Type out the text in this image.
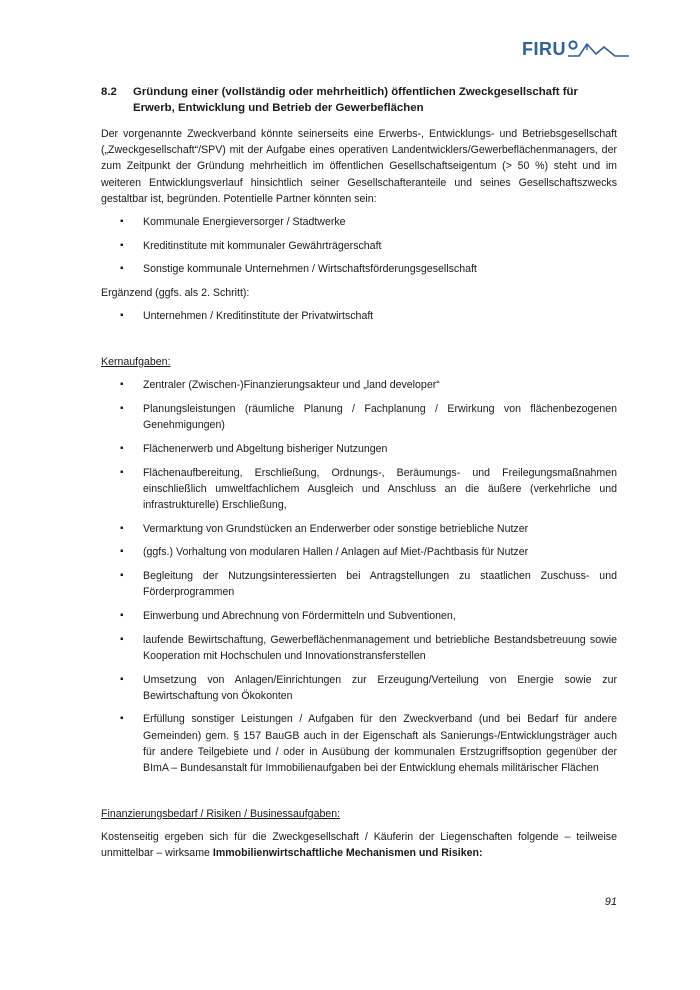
FIRU
8.2	Gründung einer (vollständig oder mehrheitlich) öffentlichen Zweckgesellschaft für Erwerb, Entwicklung und Betrieb der Gewerbeflächen

Der vorgenannte Zweckverband könnte seinerseits eine Erwerbs-, Entwicklungs- und Betriebsgesellschaft („Zweckgesellschaft“/SPV) mit der Aufgabe eines operativen Landentwicklers/Gewerbeflächenmanagers, der zum Zeitpunkt der Gründung mehrheitlich im öffentlichen Gesellschaftseigentum (> 50 %) steht und im weiteren Entwicklungsverlauf hinsichtlich seiner Gesellschafteranteile und seines Gesellschaftszwecks gestaltbar ist, begründen. Potentielle Partner könnten sein:

▪ Kommunale Energieversorger / Stadtwerke
▪ Kreditinstitute mit kommunaler Gewährträgerschaft
▪ Sonstige kommunale Unternehmen / Wirtschaftsförderungsgesellschaft

Ergänzend (ggfs. als 2. Schritt):

▪ Unternehmen / Kreditinstitute der Privatwirtschaft

Kernaufgaben:

▪ Zentraler (Zwischen-)Finanzierungsakteur und „land developer“
▪ Planungsleistungen (räumliche Planung / Fachplanung / Erwirkung von flächenbezogenen Genehmigungen)
▪ Flächenerwerb und Abgeltung bisheriger Nutzungen
▪ Flächenaufbereitung, Erschließung, Ordnungs-, Beräumungs- und Freilegungsmaßnahmen einschließlich umweltfachlichem Ausgleich und Anschluss an die äußere (verkehrliche und infrastrukturelle) Erschließung,
▪ Vermarktung von Grundstücken an Enderwerber oder sonstige betriebliche Nutzer
▪ (ggfs.) Vorhaltung von modularen Hallen / Anlagen auf Miet-/Pachtbasis für Nutzer
▪ Begleitung der Nutzungsinteressierten bei Antragstellungen zu staatlichen Zuschuss- und Förderprogrammen
▪ Einwerbung und Abrechnung von Fördermitteln und Subventionen,
▪ laufende Bewirtschaftung, Gewerbeflächenmanagement und betriebliche Bestandsbetreuung sowie Kooperation mit Hochschulen und Innovationstransferstellen
▪ Umsetzung von Anlagen/Einrichtungen zur Erzeugung/Verteilung von Energie sowie zur Bewirtschaftung von Ökokonten
▪ Erfüllung sonstiger Leistungen / Aufgaben für den Zweckverband (und bei Bedarf für andere Gemeinden) gem. § 157 BauGB auch in der Eigenschaft als Sanierungs-/Entwicklungsträger auch für andere Teilgebiete und / oder in Ausübung der kommunalen Erstzugriffsoption gegenüber der BImA – Bundesanstalt für Immobilienaufgaben bei der Entwicklung ehemals militärischer Flächen

Finanzierungsbedarf / Risiken / Businessaufgaben:

Kostenseitig ergeben sich für die Zweckgesellschaft / Käuferin der Liegenschaften folgende – teilweise unmittelbar – wirksame Immobilienwirtschaftliche Mechanismen und Risiken:

91
